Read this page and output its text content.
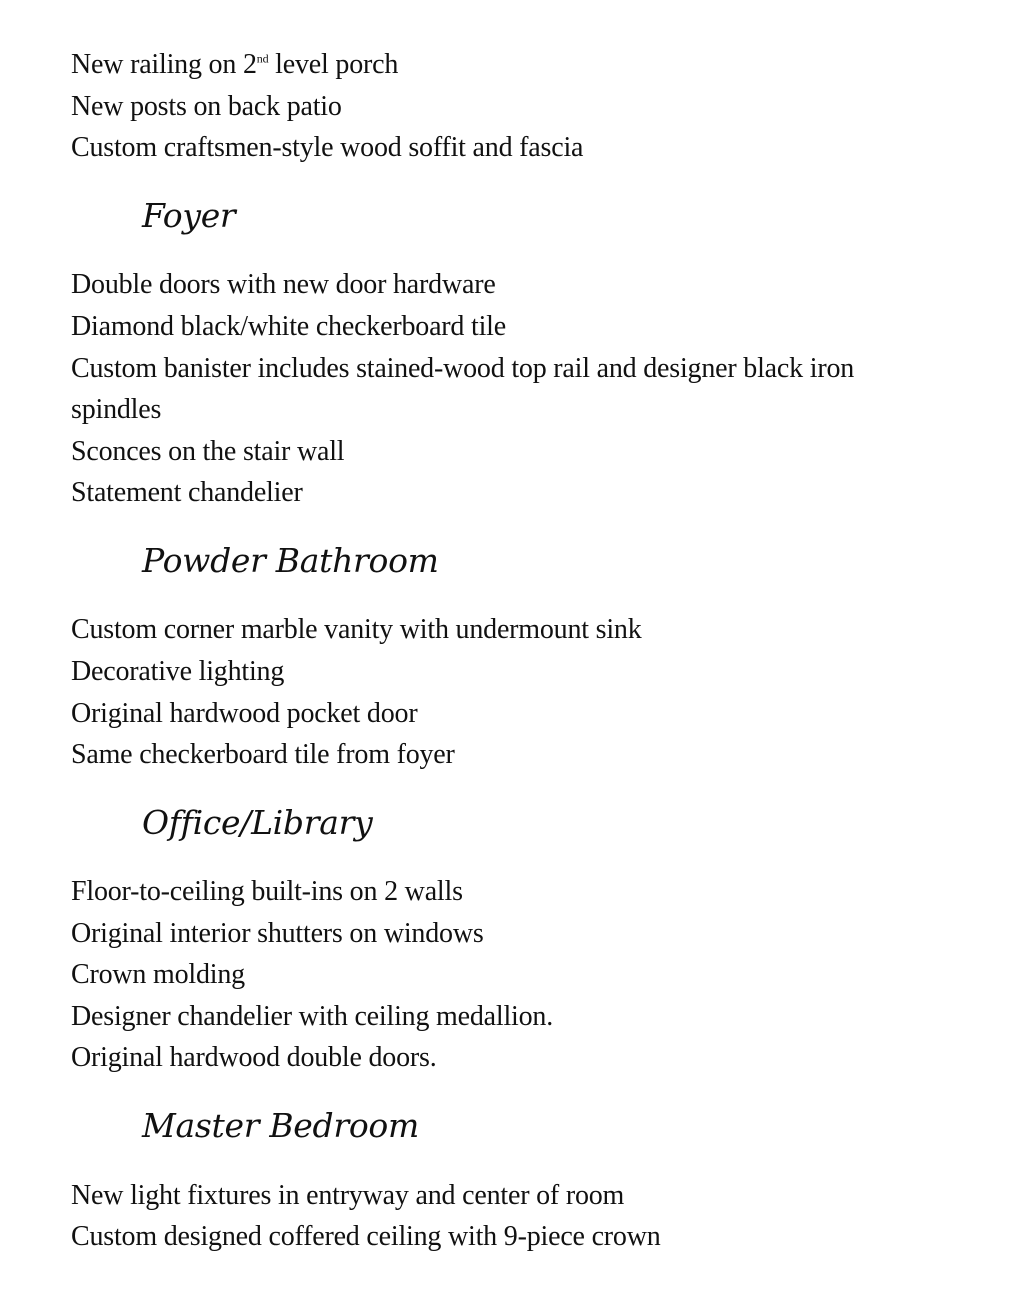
New railing on 2nd level porch
New posts on back patio
Custom craftsmen-style wood soffit and fascia
Foyer
Double doors with new door hardware
Diamond black/white checkerboard tile
Custom banister includes stained-wood top rail and designer black iron
spindles
Sconces on the stair wall
Statement chandelier
Powder Bathroom
Custom corner marble vanity with undermount sink
Decorative lighting
Original hardwood pocket door
Same checkerboard tile from foyer
Office/Library
Floor-to-ceiling built-ins on 2 walls
Original interior shutters on windows
Crown molding
Designer chandelier with ceiling medallion.
Original hardwood double doors.
Master Bedroom
New light fixtures in entryway and center of room
Custom designed coffered ceiling with 9-piece crown
